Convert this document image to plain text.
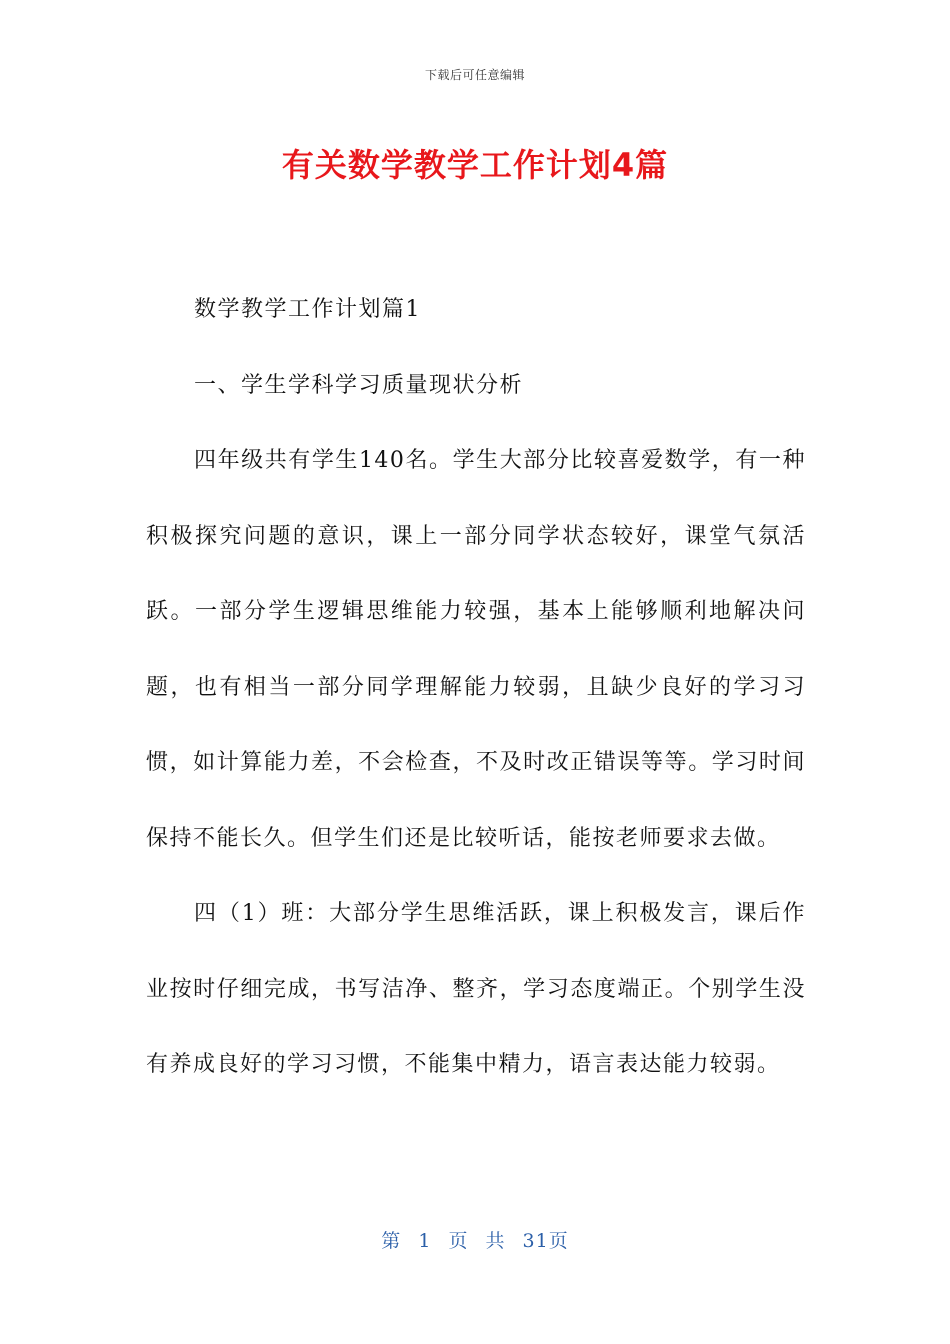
下载后可任意编辑
有关数学教学工作计划4篇

数学教学工作计划篇1

一、学生学科学习质量现状分析

四年级共有学生140名。学生大部分比较喜爱数学，有一种积极探究问题的意识，课上一部分同学状态较好，课堂气氛活跃。一部分学生逻辑思维能力较强，基本上能够顺利地解决问题，也有相当一部分同学理解能力较弱，且缺少良好的学习习惯，如计算能力差，不会检查，不及时改正错误等等。学习时间保持不能长久。但学生们还是比较听话，能按老师要求去做。

四（1）班：大部分学生思维活跃，课上积极发言，课后作业按时仔细完成，书写洁净、整齐，学习态度端正。个别学生没有养成良好的学习习惯，不能集中精力，语言表达能力较弱。

第 1 页 共 31页
